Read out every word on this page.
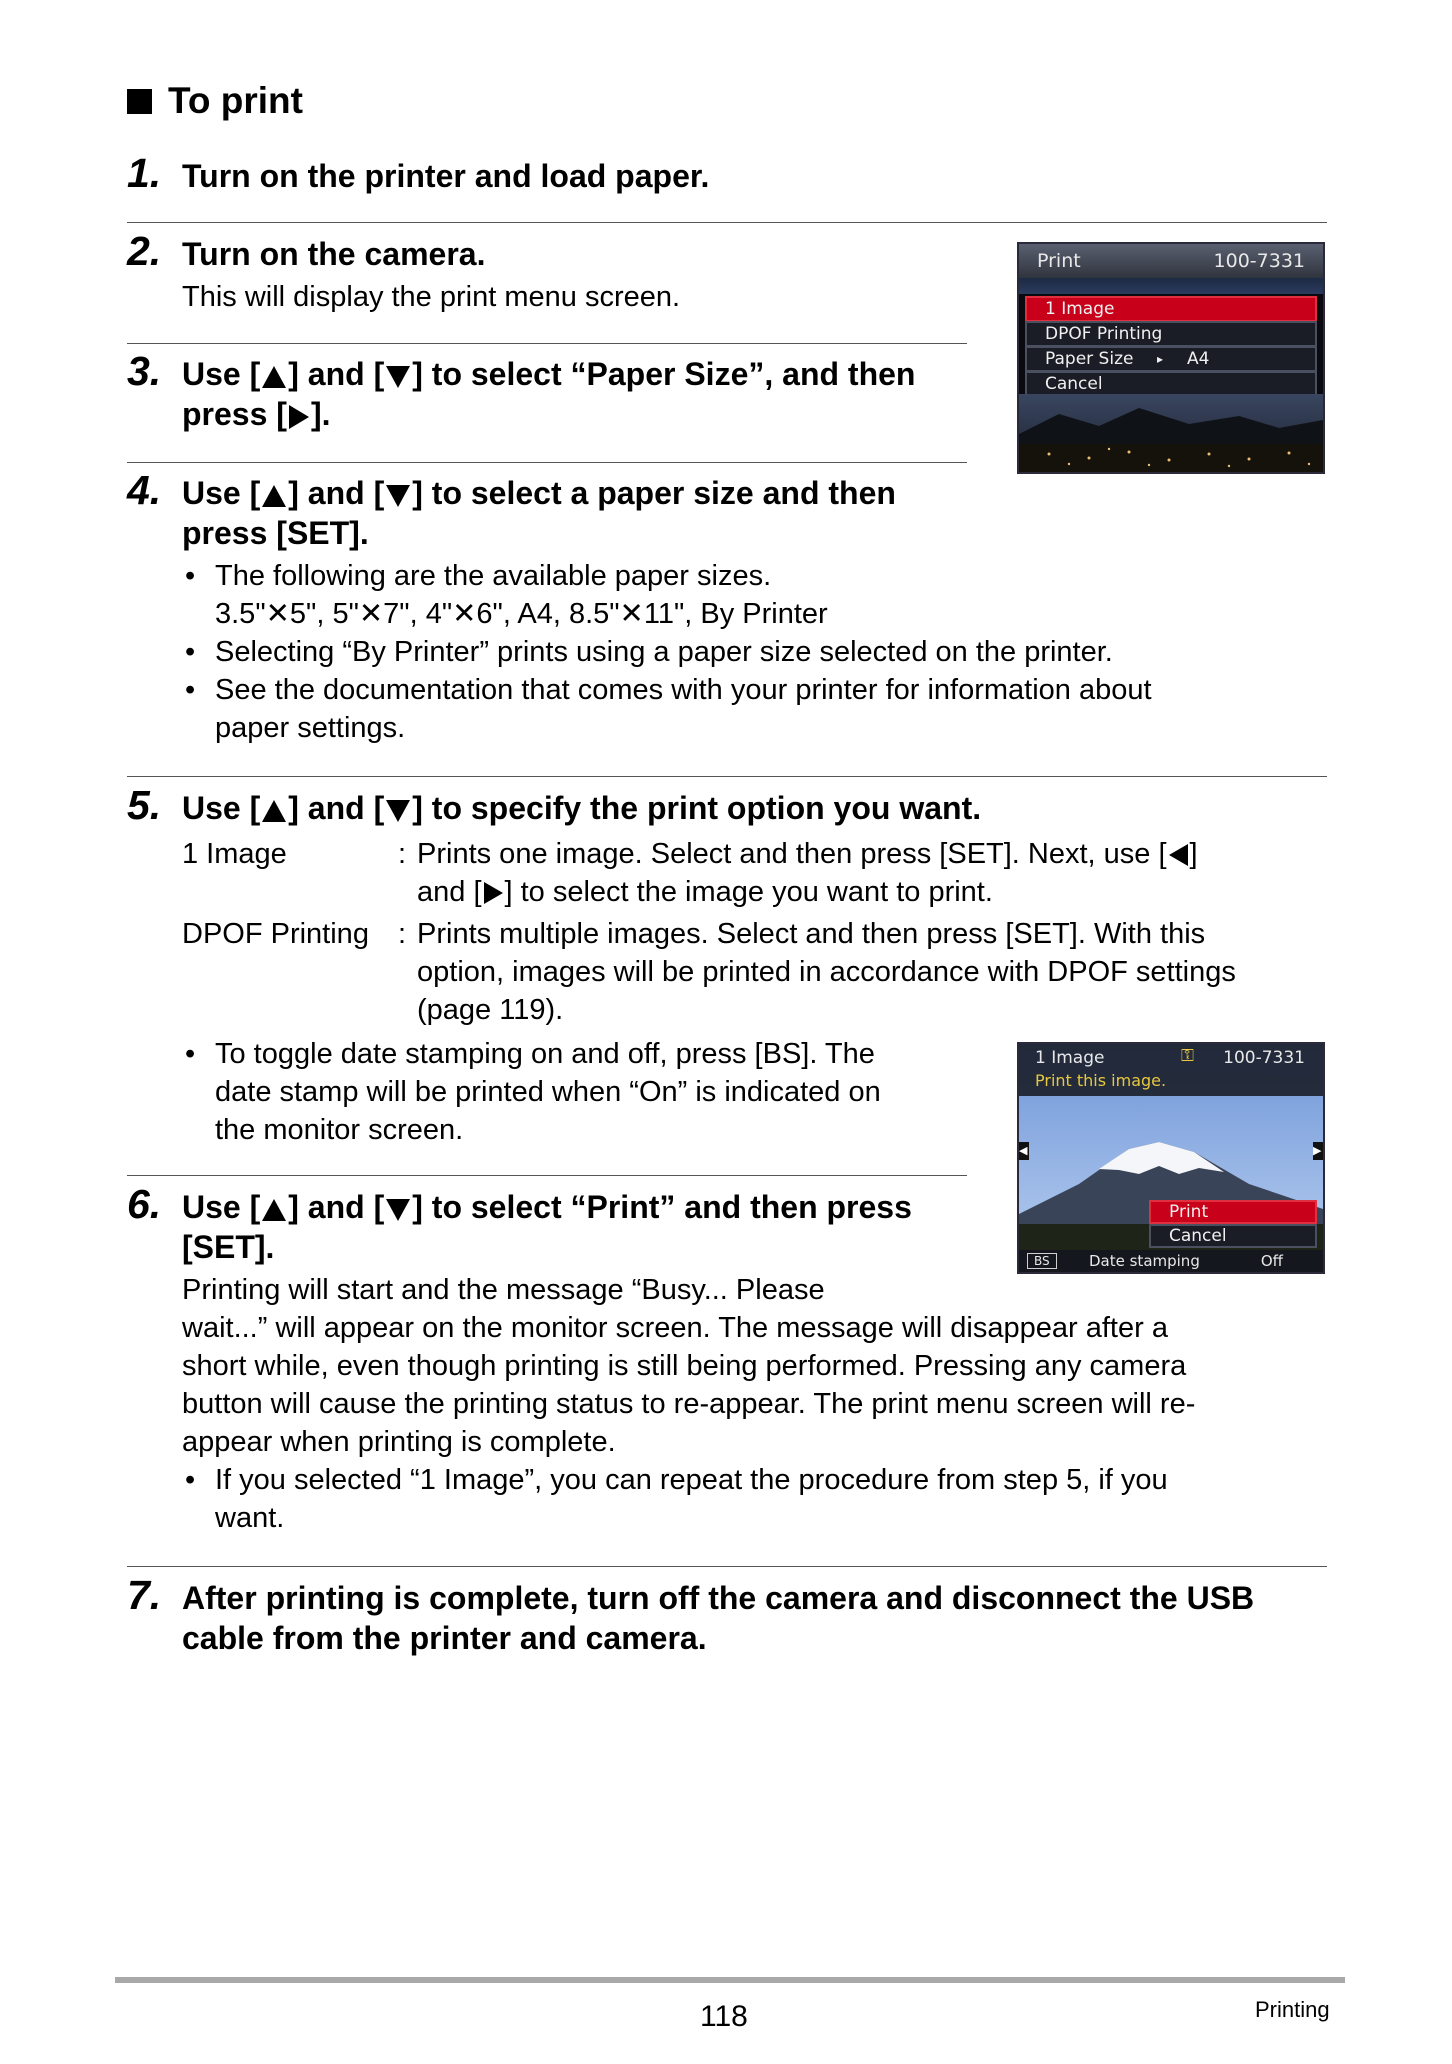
To print
1. Turn on the printer and load paper.
2. Turn on the camera.
This will display the print menu screen.
3. Use [ ] and [ ] to select “Paper Size”, and then
press [ ].
Print	100-7331
1 Image
DPOF Printing
Paper Size ▸ A4
Cancel
4. Use [ ] and [ ] to select a paper size and then
press [SET].
• The following are the available paper sizes.
3.5"✕5", 5"✕7", 4"✕6", A4, 8.5"✕11", By Printer
• Selecting “By Printer” prints using a paper size selected on the printer.
• See the documentation that comes with your printer for information about
paper settings.
5. Use [ ] and [ ] to specify the print option you want.
1 Image	: Prints one image. Select and then press [SET]. Next, use [ ]
and [ ] to select the image you want to print.
DPOF Printing : Prints multiple images. Select and then press [SET]. With this
option, images will be printed in accordance with DPOF settings
(page 119).
• To toggle date stamping on and off, press [BS]. The
date stamp will be printed when “On” is indicated on
the monitor screen.
1 Image	⚿ 100-7331
Print this image.
◀	▶
Print
Cancel
BS	Date stamping	Off
6. Use [ ] and [ ] to select “Print” and then press
[SET].
Printing will start and the message “Busy... Please
wait...” will appear on the monitor screen. The message will disappear after a
short while, even though printing is still being performed. Pressing any camera
button will cause the printing status to re-appear. The print menu screen will re-
appear when printing is complete.
• If you selected “1 Image”, you can repeat the procedure from step 5, if you
want.
7. After printing is complete, turn off the camera and disconnect the USB
cable from the printer and camera.
118	Printing
